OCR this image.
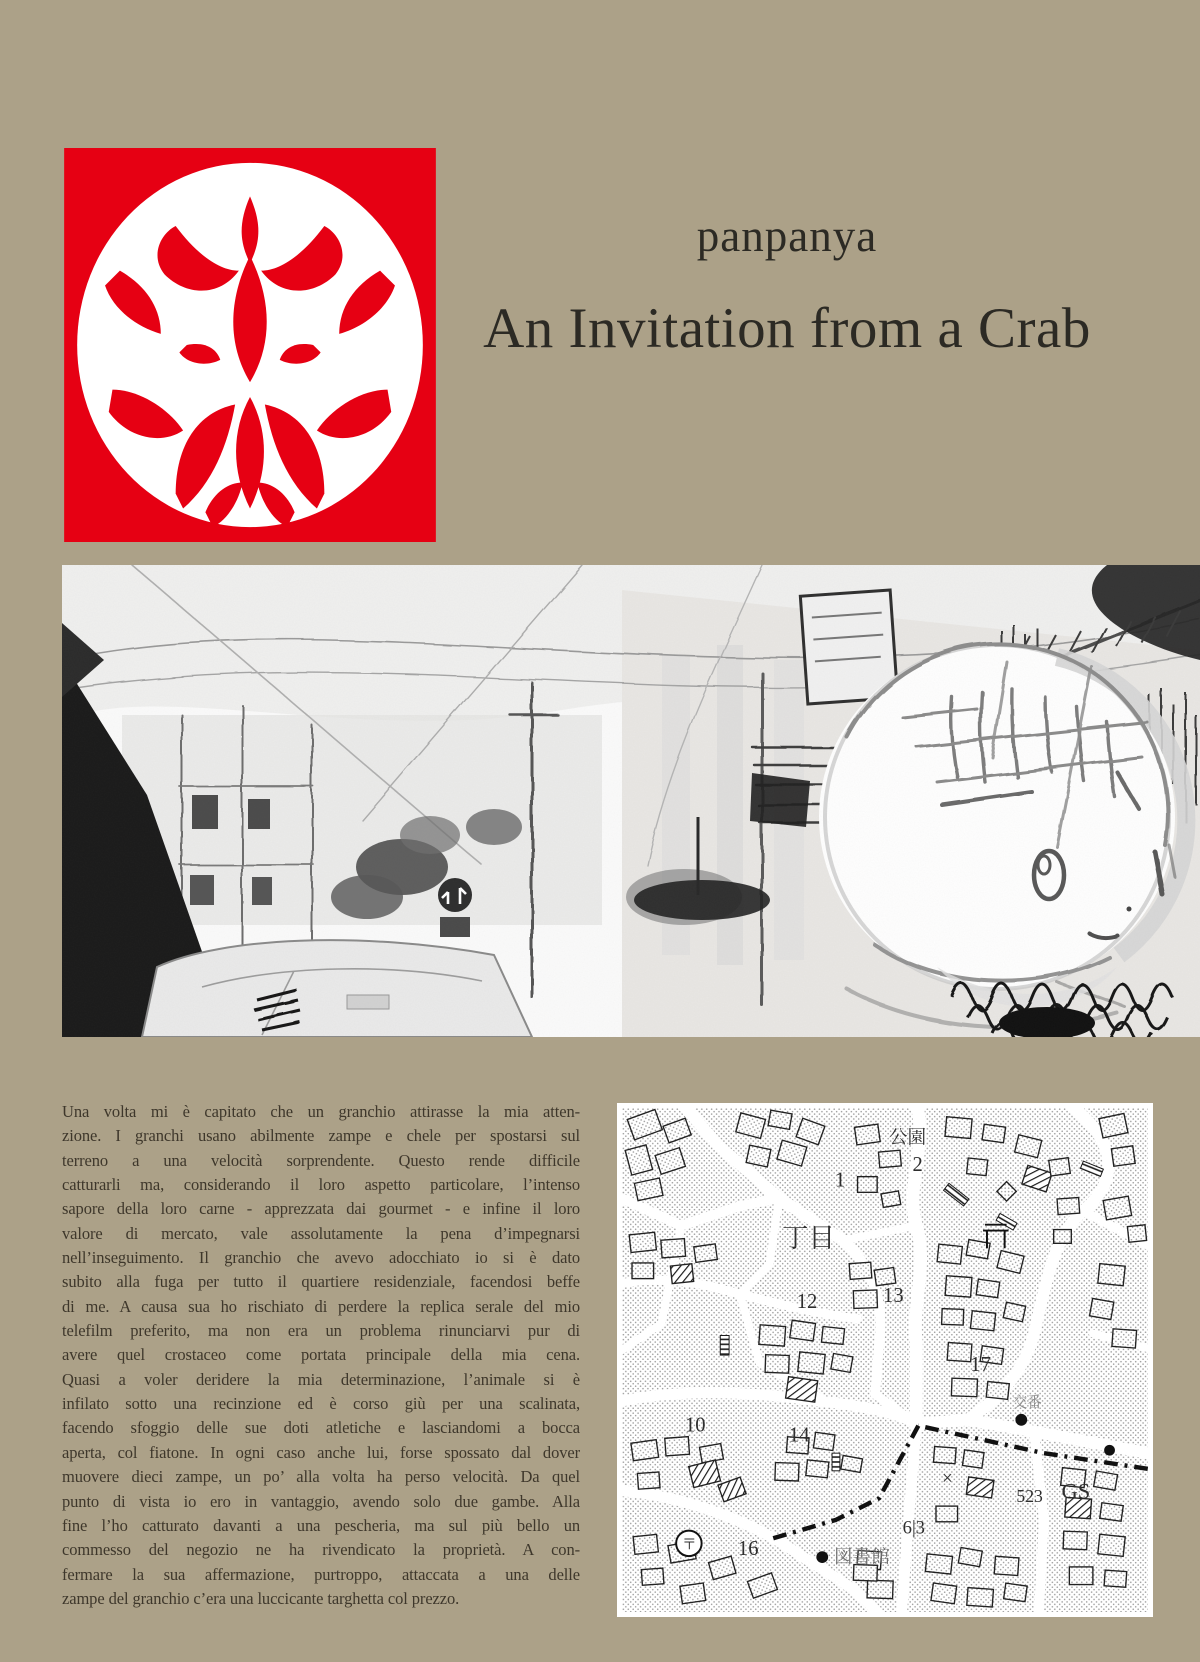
panpanya
An Invitation from a Crab
Una volta mi è capitato che un granchio attirasse la mia atten-
zione. I granchi usano abilmente zampe e chele per spostarsi sul
terreno a una velocità sorprendente. Questo rende difficile
catturarli ma, considerando il loro aspetto particolare, l’intenso
sapore della loro carne - apprezzata dai gourmet - e infine il loro
valore di mercato, vale assolutamente la pena d’impegnarsi
nell’inseguimento. Il granchio che avevo adocchiato io si è dato
subito alla fuga per tutto il quartiere residenziale, facendosi beffe
di me. A causa sua ho rischiato di perdere la replica serale del mio
telefilm preferito, ma non era un problema rinunciarvi pur di
avere quel crostaceo come portata principale della mia cena.
Quasi a voler deridere la mia determinazione, l’animale si è
infilato sotto una recinzione ed è corso giù per una scalinata,
facendo sfoggio delle sue doti atletiche e lasciandomi a bocca
aperta, col fiatone. In ogni caso anche lui, forse spossato dal dover
muovere dieci zampe, un po’ alla volta ha perso velocità. Da quel
punto di vista io ero in vantaggio, avendo solo due gambe. Alla
fine l’ho catturato davanti a una pescheria, ma sul più bello un
commesso del negozio ne ha rivendicato la proprietà. A con-
fermare la sua affermazione, purtroppo, attaccata a una delle
zampe del granchio c’era una luccicante targhetta col prezzo.
公園
2
1
丁目
13
12
17
10	14
×
交番
523 GS
6|3
16
〒
図書館
